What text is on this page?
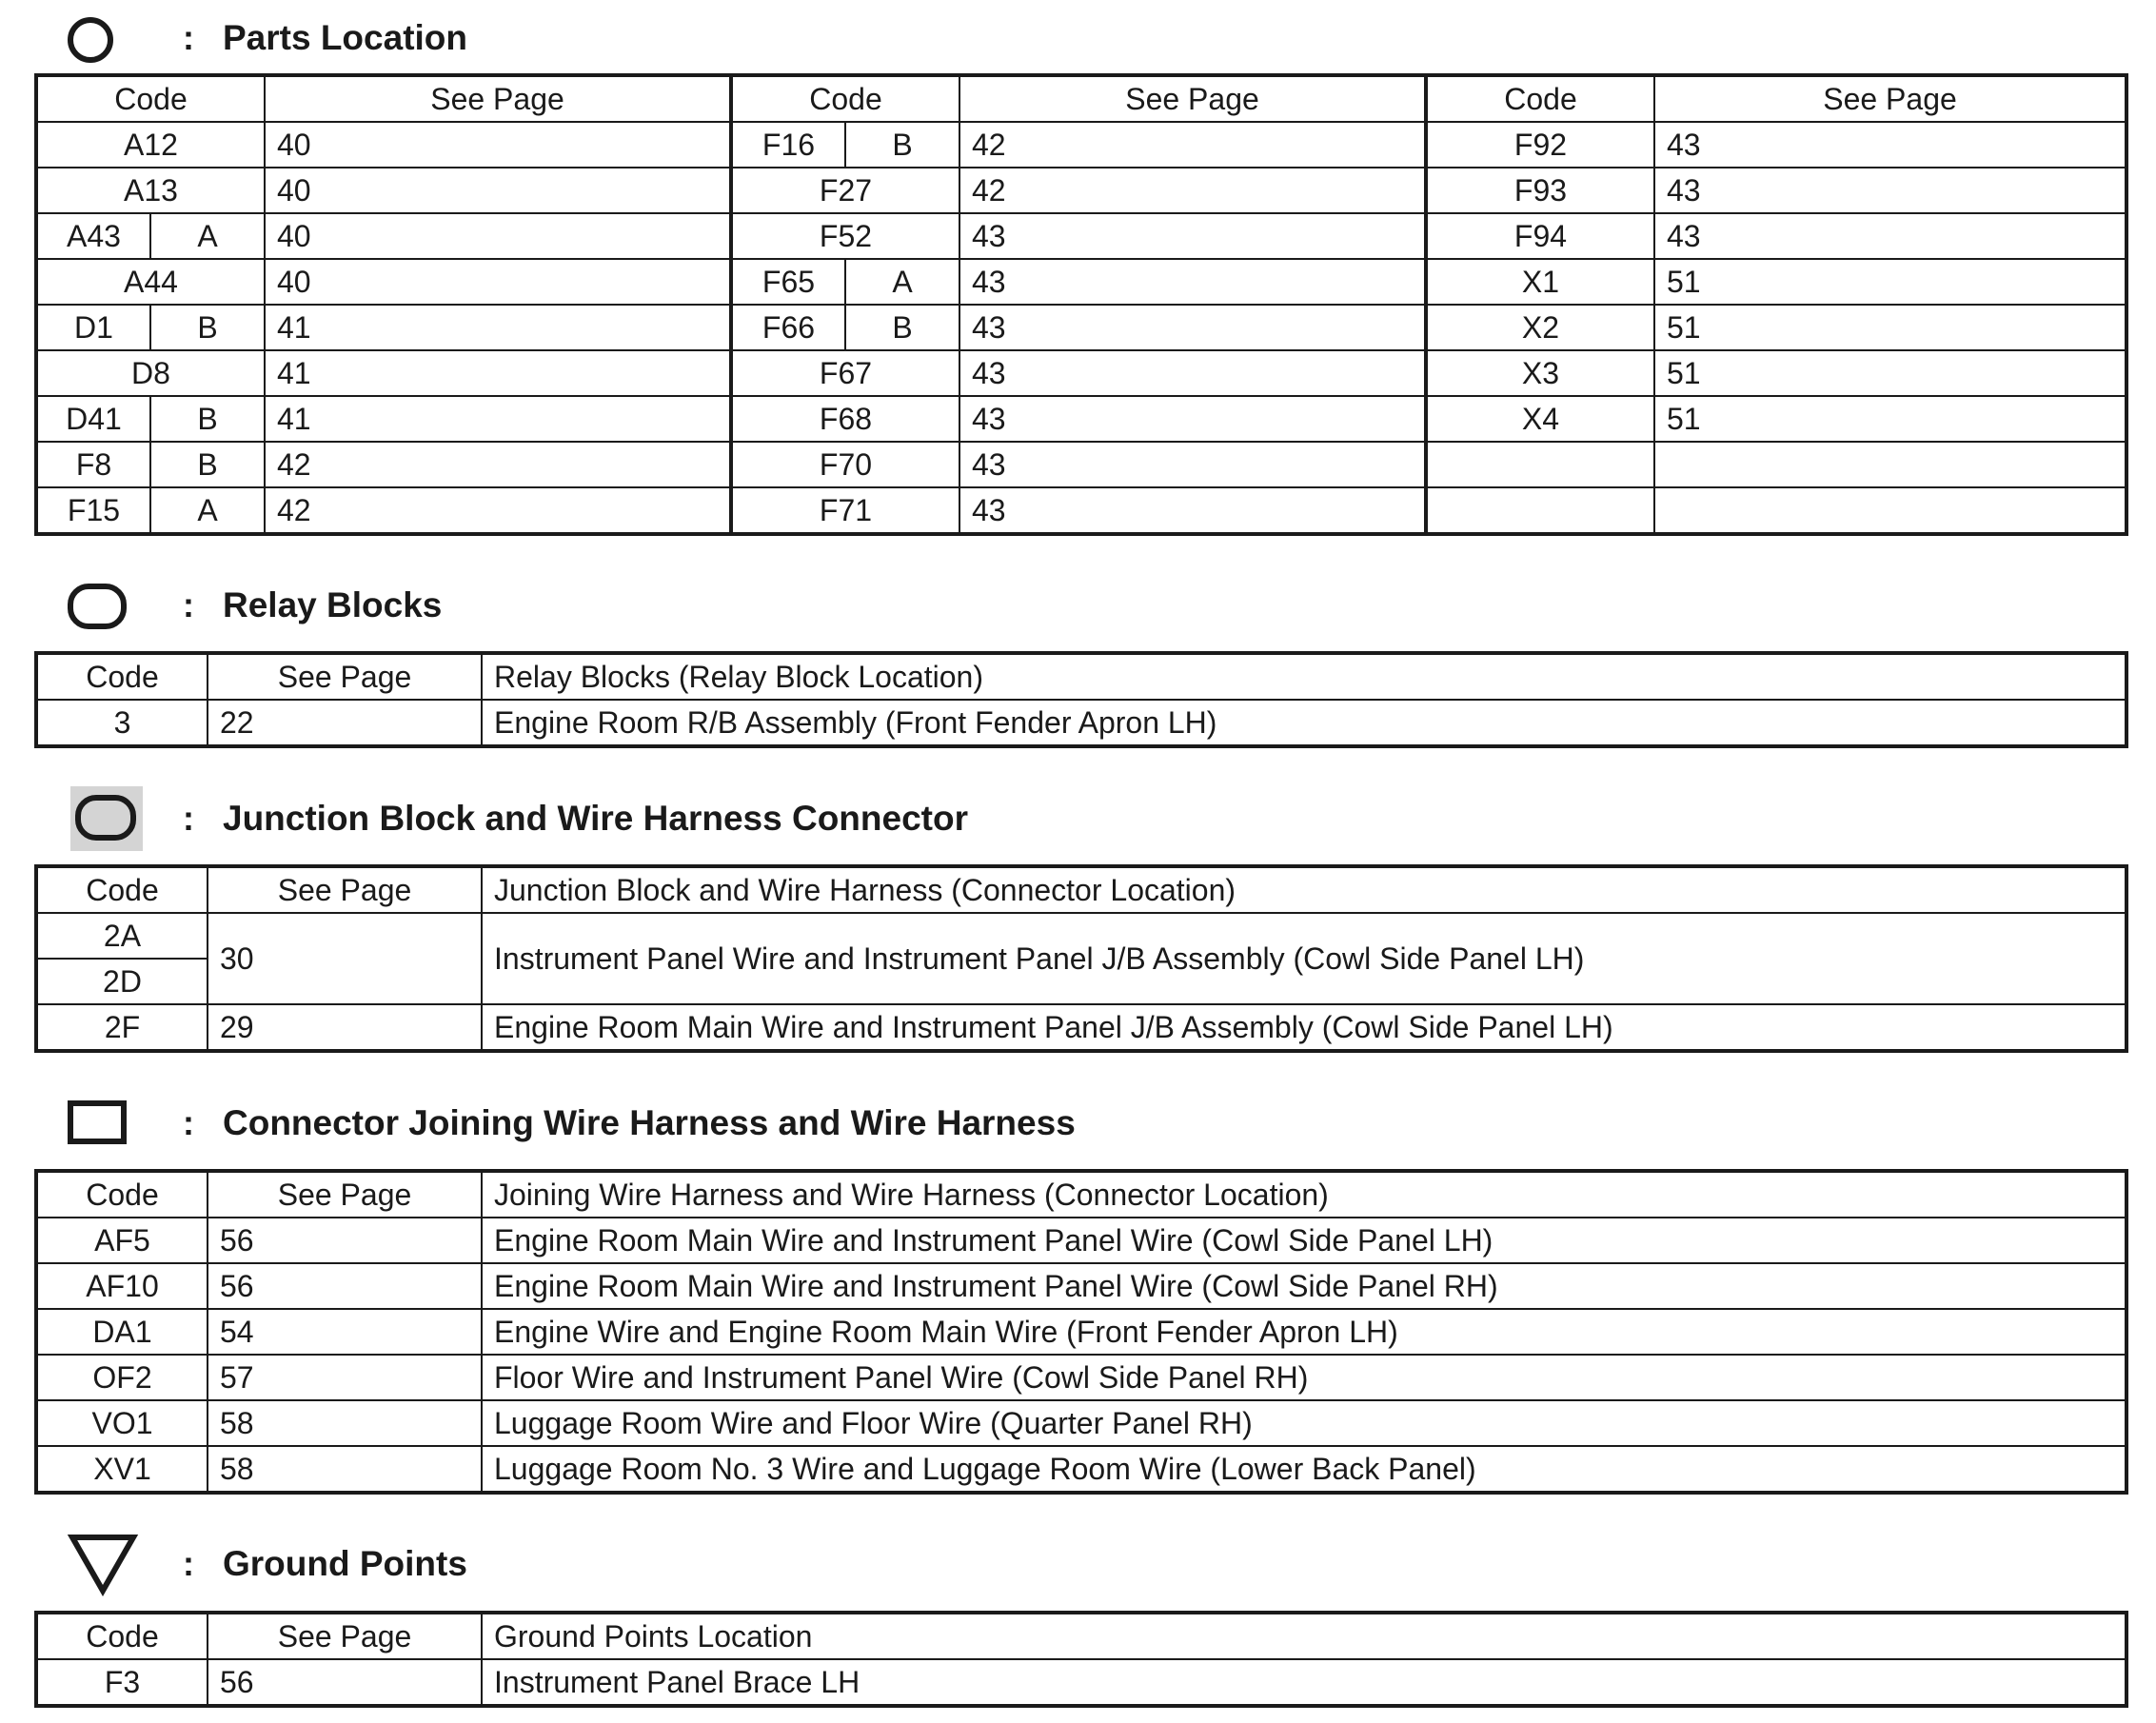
: Parts Location
Code		See Page	Code		See Page	Code	See Page
A12		40	F16	B	42	F92	43
A13		40	F27		42	F93	43
A43	A	40	F52		43	F94	43
A44		40	F65	A	43	X1	51
D1	B	41	F66	B	43	X2	51
D8		41	F67		43	X3	51
D41	B	41	F68		43	X4	51
F8	B	42	F70		43		
F15	A	42	F71		43		
: Relay Blocks
Code	See Page	Relay Blocks (Relay Block Location)
3	22	Engine Room R/B Assembly (Front Fender Apron LH)
: Junction Block and Wire Harness Connector
Code	See Page	Junction Block and Wire Harness (Connector Location)
2A	30	Instrument Panel Wire and Instrument Panel J/B Assembly (Cowl Side Panel LH)
2D		
2F	29	Engine Room Main Wire and Instrument Panel J/B Assembly (Cowl Side Panel LH)
: Connector Joining Wire Harness and Wire Harness
Code	See Page	Joining Wire Harness and Wire Harness (Connector Location)
AF5	56	Engine Room Main Wire and Instrument Panel Wire (Cowl Side Panel LH)
AF10	56	Engine Room Main Wire and Instrument Panel Wire (Cowl Side Panel RH)
DA1	54	Engine Wire and Engine Room Main Wire (Front Fender Apron LH)
OF2	57	Floor Wire and Instrument Panel Wire (Cowl Side Panel RH)
VO1	58	Luggage Room Wire and Floor Wire (Quarter Panel RH)
XV1	58	Luggage Room No. 3 Wire and Luggage Room Wire (Lower Back Panel)
: Ground Points
Code	See Page	Ground Points Location
F3	56	Instrument Panel Brace LH
